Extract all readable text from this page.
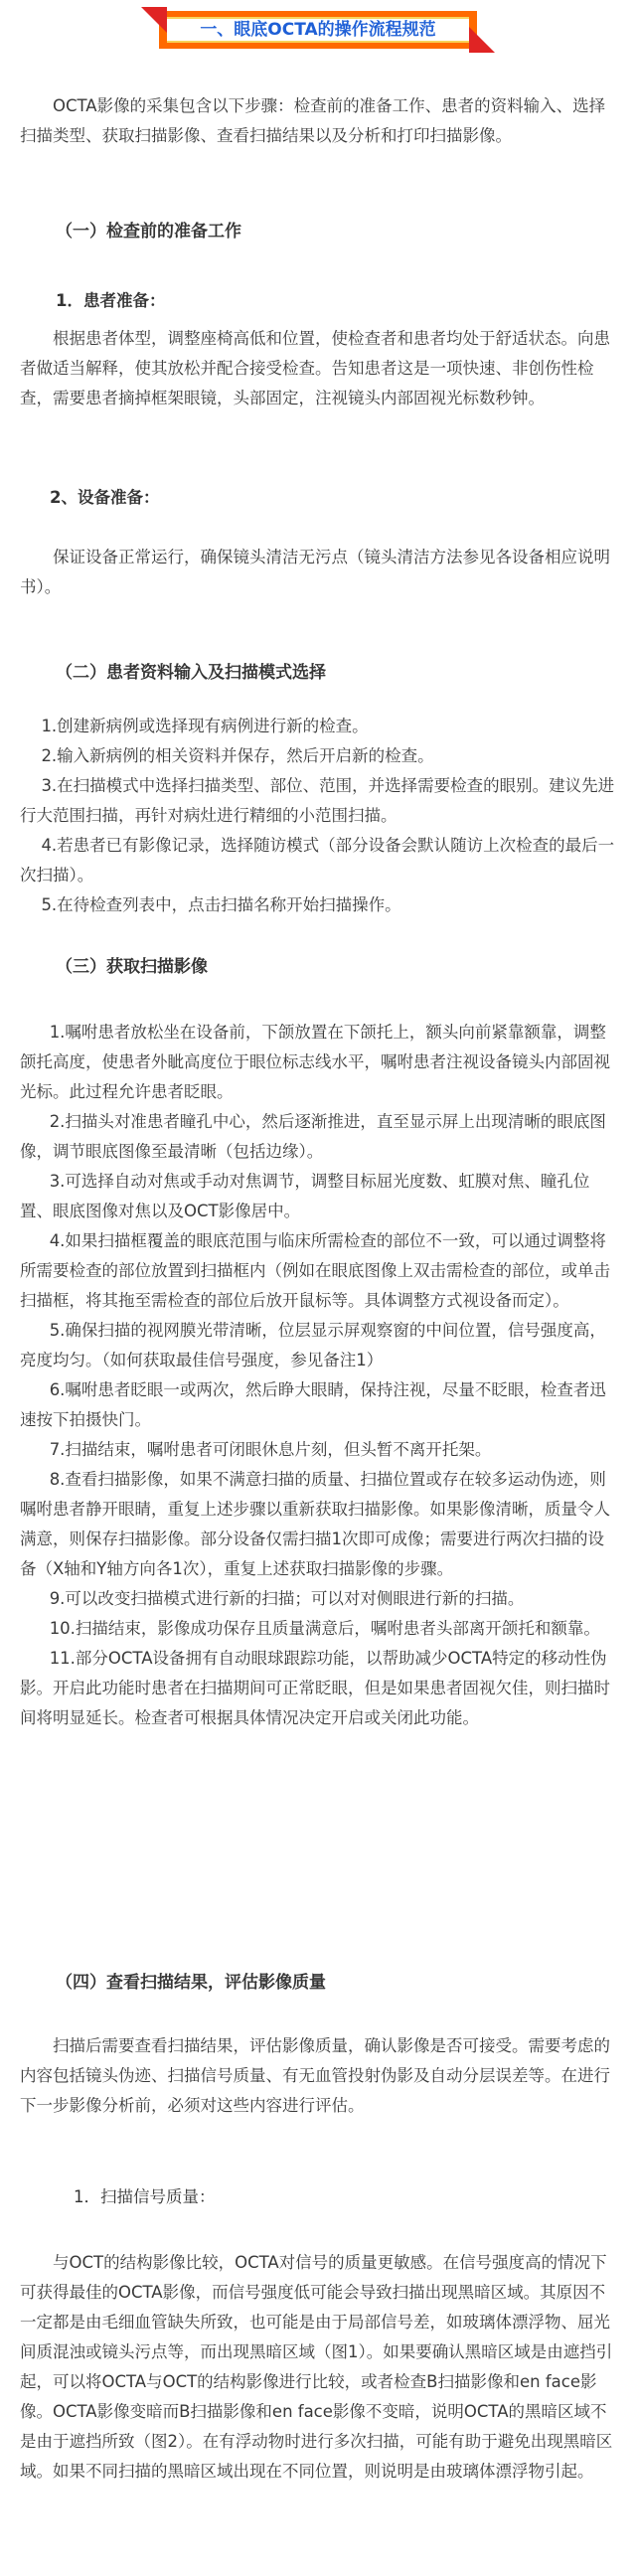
一、眼底OCTA的操作流程规范

OCTA影像的采集包含以下步骤：检查前的准备工作、患者的资料输入、选择扫描类型、获取扫描影像、查看扫描结果以及分析和打印扫描影像。

（一）检查前的准备工作
1．患者准备：

根据患者体型，调整座椅高低和位置，使检查者和患者均处于舒适状态。向患者做适当解释，使其放松并配合接受检查。告知患者这是一项快速、非创伤性检查，需要患者摘掉框架眼镜，头部固定，注视镜头内部固视光标数秒钟。

2、设备准备：

保证设备正常运行，确保镜头清洁无污点（镜头清洁方法参见各设备相应说明书）。

（二）患者资料输入及扫描模式选择
1.创建新病例或选择现有病例进行新的检查。
2.输入新病例的相关资料并保存，然后开启新的检查。
3.在扫描模式中选择扫描类型、部位、范围，并选择需要检查的眼别。建议先进行大范围扫描，再针对病灶进行精细的小范围扫描。
4.若患者已有影像记录，选择随访模式（部分设备会默认随访上次检查的最后一次扫描）。
5.在待检查列表中，点击扫描名称开始扫描操作。
（三）获取扫描影像
1.嘱咐患者放松坐在设备前，下颌放置在下颌托上，额头向前紧靠额靠，调整颌托高度，使患者外眦高度位于眼位标志线水平，嘱咐患者注视设备镜头内部固视光标。此过程允许患者眨眼。
2.扫描头对准患者瞳孔中心，然后逐渐推进，直至显示屏上出现清晰的眼底图像，调节眼底图像至最清晰（包括边缘）。
3.可选择自动对焦或手动对焦调节，调整目标屈光度数、虹膜对焦、瞳孔位置、眼底图像对焦以及OCT影像居中。
4.如果扫描框覆盖的眼底范围与临床所需检查的部位不一致，可以通过调整将所需要检查的部位放置到扫描框内（例如在眼底图像上双击需检查的部位，或单击扫描框，将其拖至需检查的部位后放开鼠标等。具体调整方式视设备而定）。
5.确保扫描的视网膜光带清晰，位层显示屏观察窗的中间位置，信号强度高，亮度均匀。（如何获取最佳信号强度，参见备注1）
6.嘱咐患者眨眼一或两次，然后睁大眼睛，保持注视，尽量不眨眼，检查者迅速按下拍摄快门。
7.扫描结束，嘱咐患者可闭眼休息片刻，但头暂不离开托架。
8.查看扫描影像，如果不满意扫描的质量、扫描位置或存在较多运动伪迹，则嘱咐患者静开眼睛，重复上述步骤以重新获取扫描影像。如果影像清晰，质量令人满意，则保存扫描影像。部分设备仅需扫描1次即可成像；需要进行两次扫描的设备（X轴和Y轴方向各1次），重复上述获取扫描影像的步骤。
9.可以改变扫描模式进行新的扫描；可以对对侧眼进行新的扫描。
10.扫描结束，影像成功保存且质量满意后，嘱咐患者头部离开颌托和额靠。
11.部分OCTA设备拥有自动眼球跟踪功能，以帮助减少OCTA特定的移动性伪影。开启此功能时患者在扫描期间可正常眨眼，但是如果患者固视欠佳，则扫描时间将明显延长。检查者可根据具体情况决定开启或关闭此功能。
（四）查看扫描结果，评估影像质量

扫描后需要查看扫描结果，评估影像质量，确认影像是否可接受。需要考虑的内容包括镜头伪迹、扫描信号质量、有无血管投射伪影及自动分层误差等。在进行下一步影像分析前，必须对这些内容进行评估。

1．扫描信号质量：

与OCT的结构影像比较，OCTA对信号的质量更敏感。在信号强度高的情况下可获得最佳的OCTA影像，而信号强度低可能会导致扫描出现黑暗区域。其原因不一定都是由毛细血管缺失所致，也可能是由于局部信号差，如玻璃体漂浮物、屈光间质混浊或镜头污点等，而出现黑暗区域（图1）。如果要确认黑暗区域是由遮挡引起，可以将OCTA与OCT的结构影像进行比较，或者检查B扫描影像和en face影像。OCTA影像变暗而B扫描影像和en face影像不变暗，说明OCTA的黑暗区域不是由于遮挡所致（图2）。在有浮动物时进行多次扫描，可能有助于避免出现黑暗区域。如果不同扫描的黑暗区域出现在不同位置，则说明是由玻璃体漂浮物引起。
